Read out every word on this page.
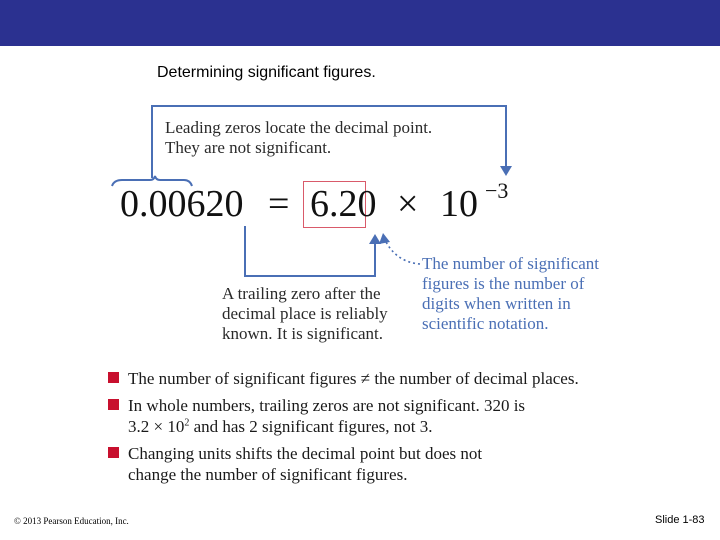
Determining significant figures.
Leading zeros locate the decimal point.
They are not significant.
0.00620 = 6.20 × 10 −3
A trailing zero after the
decimal place is reliably
known. It is significant.
The number of significant
figures is the number of
digits when written in
scientific notation.
The number of significant figures ≠ the number of decimal places.
In whole numbers, trailing zeros are not significant. 320 is
$3.2 \times 10^2$ and has 2 significant figures, not 3.
Changing units shifts the decimal point but does not
change the number of significant figures.
© 2013 Pearson Education, Inc.	Slide 1-83
